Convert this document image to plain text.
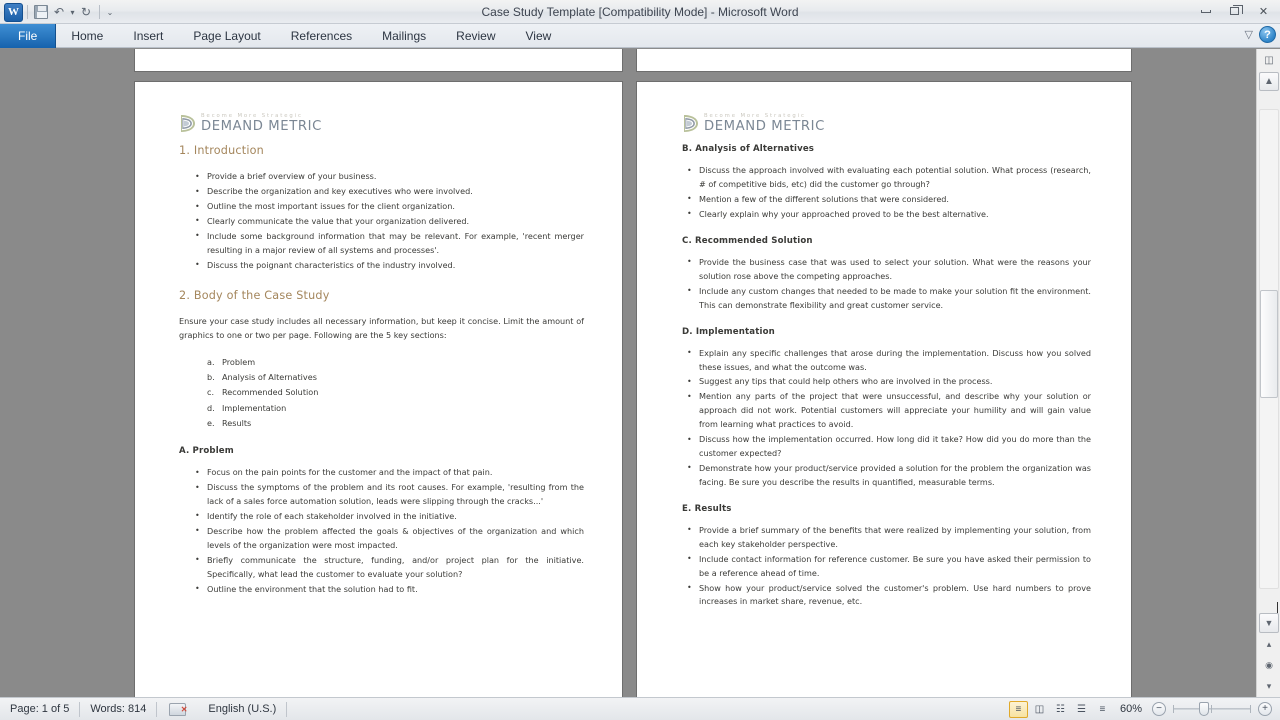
Case Study Template [Compatibility Mode] - Microsoft Word
W	↶ ▾ ↻	⌄	✕
File	Home	Insert	Page Layout	References	Mailings	Review	View	▽	?
Become More Strategic
DEMAND METRIC
1. Introduction
• Provide a brief overview of your business.
• Describe the organization and key executives who were involved.
• Outline the most important issues for the client organization.
• Clearly communicate the value that your organization delivered.
• Include some background information that may be relevant. For example, 'recent merger resulting in a major review of all systems and processes'.
• Discuss the poignant characteristics of the industry involved.
2. Body of the Case Study

Ensure your case study includes all necessary information, but keep it concise. Limit the amount of graphics to one or two per page. Following are the 5 key sections:

Problem
Analysis of Alternatives
Recommended Solution
Implementation
Results
A. Problem
• Focus on the pain points for the customer and the impact of that pain.
• Discuss the symptoms of the problem and its root causes. For example, 'resulting from the lack of a sales force automation solution, leads were slipping through the cracks...'
• Identify the role of each stakeholder involved in the initiative.
• Describe how the problem affected the goals & objectives of the organization and which levels of the organization were most impacted.
• Briefly communicate the structure, funding, and/or project plan for the initiative. Specifically, what lead the customer to evaluate your solution?
• Outline the environment that the solution had to fit.
Become More Strategic
DEMAND METRIC
B. Analysis of Alternatives
• Discuss the approach involved with evaluating each potential solution. What process (research, # of competitive bids, etc) did the customer go through?
• Mention a few of the different solutions that were considered.
• Clearly explain why your approached proved to be the best alternative.
C. Recommended Solution
• Provide the business case that was used to select your solution. What were the reasons your solution rose above the competing approaches.
• Include any custom changes that needed to be made to make your solution fit the environment. This can demonstrate flexibility and great customer service.
D. Implementation
• Explain any specific challenges that arose during the implementation. Discuss how you solved these issues, and what the outcome was.
• Suggest any tips that could help others who are involved in the process.
• Mention any parts of the project that were unsuccessful, and describe why your solution or approach did not work. Potential customers will appreciate your humility and will gain value from learning what practices to avoid.
• Discuss how the implementation occurred. How long did it take? How did you do more than the customer expected?
• Demonstrate how your product/service provided a solution for the problem the organization was facing. Be sure you describe the results in quantified, measurable terms.
E. Results
• Provide a brief summary of the benefits that were realized by implementing your solution, from each key stakeholder perspective.
• Include contact information for reference customer. Be sure you have asked their permission to be a reference ahead of time.
• Show how your product/service solved the customer's problem. Use hard numbers to prove increases in market share, revenue, etc.
◫
▲
▼
▴
◉
▾
Page: 1 of 5	Words: 814 ✕	English (U.S.)	≡	◫	☷	☰	≡	60%	−	+
